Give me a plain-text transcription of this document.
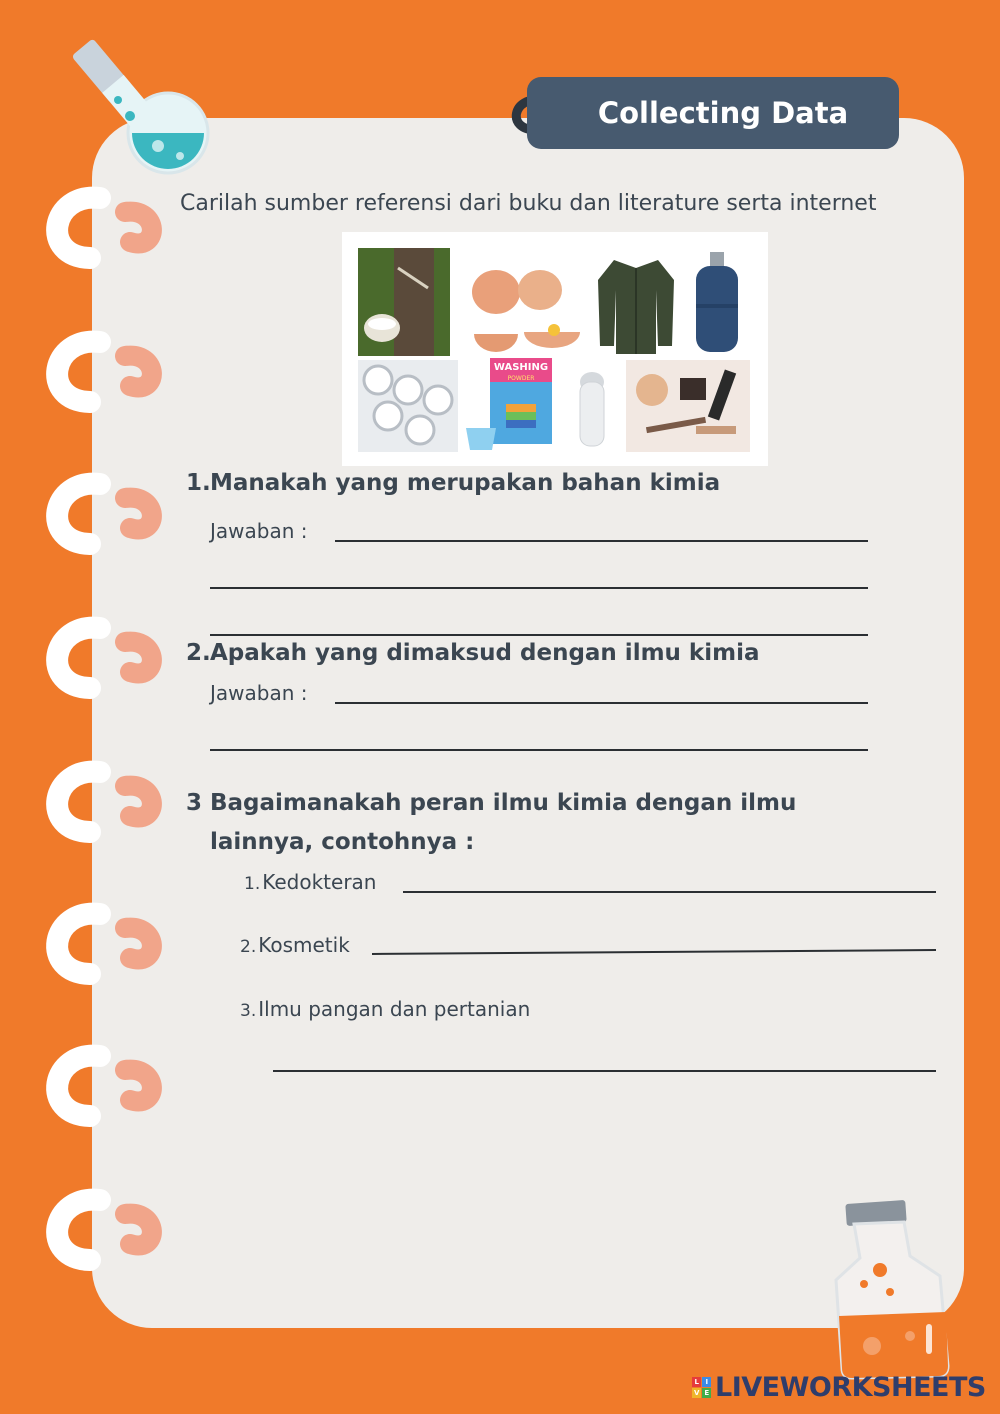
Collecting Data
Carilah sumber referensi dari buku dan literature serta internet
WASHING
POWDER
1.Manakah yang merupakan bahan kimia
Jawaban :
2.Apakah yang dimaksud dengan ilmu kimia
Jawaban :
3 Bagaimanakah peran ilmu kimia dengan ilmu
lainnya, contohnya :
1. Kedokteran
2. Kosmetik
3. Ilmu pangan dan pertanian
L I
V E LIVEWORKSHEETS
